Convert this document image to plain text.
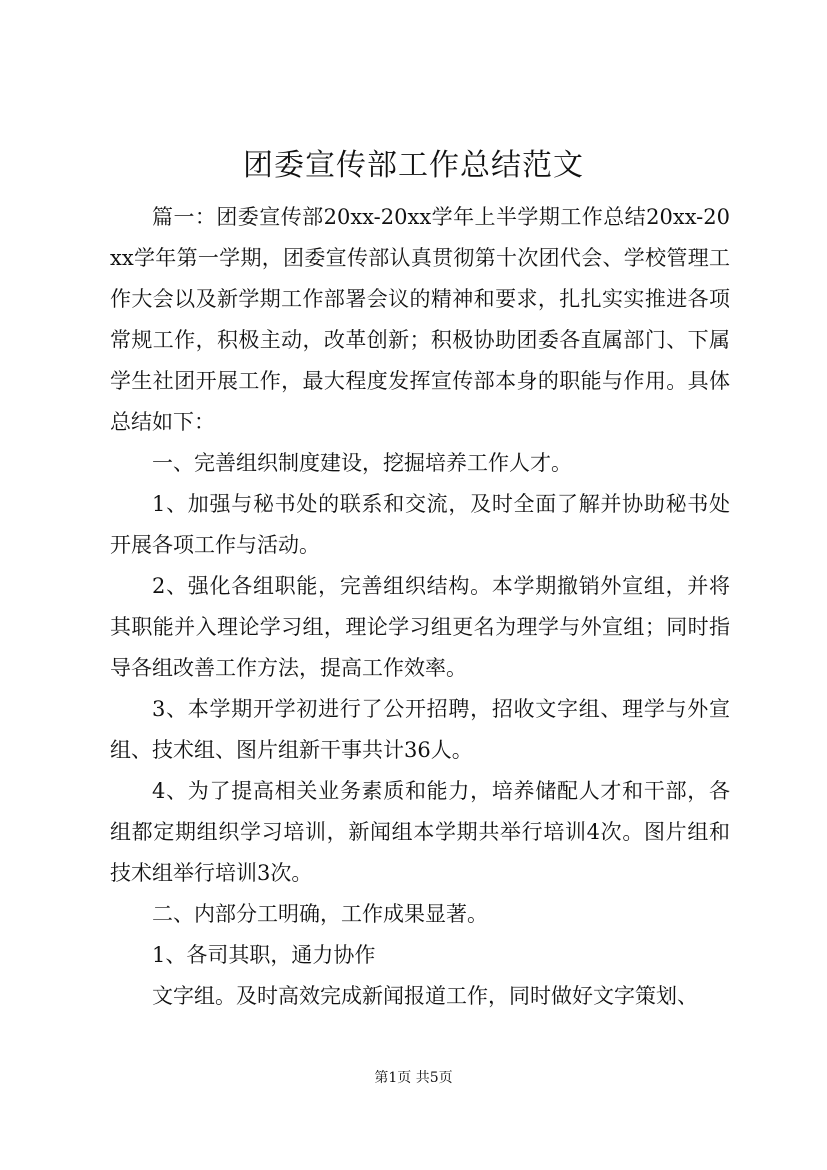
团委宣传部工作总结范文

篇一：团委宣传部20xx-20xx学年上半学期工作总结20xx-20xx学年第一学期，团委宣传部认真贯彻第十次团代会、学校管理工作大会以及新学期工作部署会议的精神和要求，扎扎实实推进各项常规工作，积极主动，改革创新；积极协助团委各直属部门、下属学生社团开展工作，最大程度发挥宣传部本身的职能与作用。具体总结如下：

一、完善组织制度建设，挖掘培养工作人才。

1、加强与秘书处的联系和交流，及时全面了解并协助秘书处开展各项工作与活动。

2、强化各组职能，完善组织结构。本学期撤销外宣组，并将其职能并入理论学习组，理论学习组更名为理学与外宣组；同时指导各组改善工作方法，提高工作效率。

3、本学期开学初进行了公开招聘，招收文字组、理学与外宣组、技术组、图片组新干事共计36人。

4、为了提高相关业务素质和能力，培养储配人才和干部，各组都定期组织学习培训，新闻组本学期共举行培训4次。图片组和技术组举行培训3次。

二、内部分工明确，工作成果显著。

1、各司其职，通力协作

文字组。及时高效完成新闻报道工作，同时做好文字策划、

第1页 共5页
